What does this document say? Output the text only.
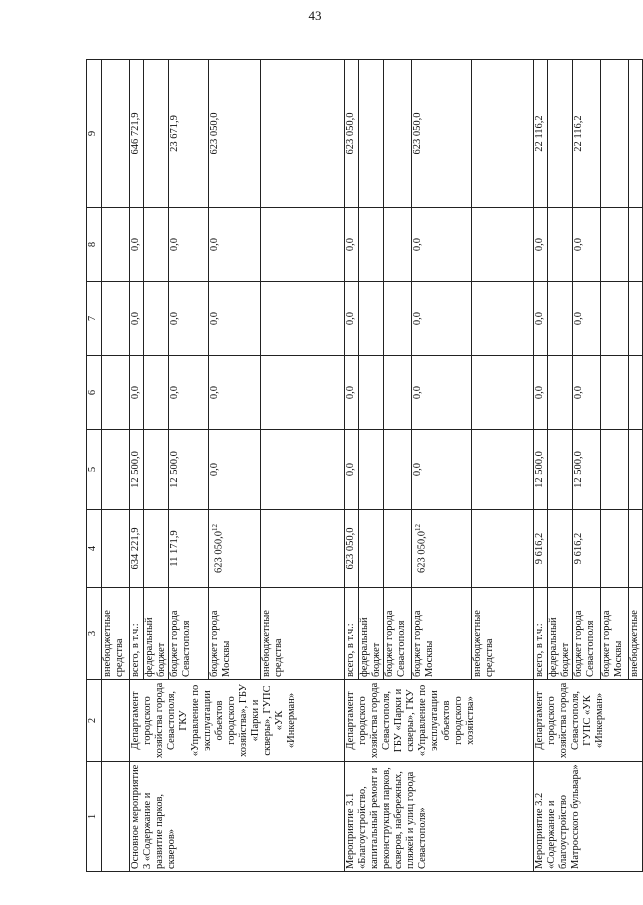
43
1	2	3	4	5	6	7	8	9
		внебюджетные средства						
Основное мероприятие 3 «Содержание и развитие парков, скверов»	Департамент городского хозяйства города Севастополя, ГКУ «Управление по эксплуатации объектов городского хозяйства», ГБУ «Парки и скверы», ГУПС «УК «Инкерман»	всего, в т.ч.:	634 221,9	12 500,0	0,0	0,0	0,0	646 721,9
		федеральный бюджет						
		бюджет города Севастополя	11 171,9	12 500,0	0,0	0,0	0,0	23 671,9
		бюджет города Москвы	623 050,0$^{12}$	0,0	0,0	0,0	0,0	623 050,0
		внебюджетные средства						
Мероприятие 3.1 «Благоустройство, капитальный ремонт и реконструкция парков, скверов, набережных, пляжей и улиц города Севастополя»	Департамент городского хозяйства города Севастополя, ГБУ «Парки и скверы», ГКУ «Управление по эксплуатации объектов городского хозяйства»	всего, в т.ч.:	623 050,0	0,0	0,0	0,0	0,0	623 050,0
		федеральный бюджет						
		бюджет города Севастополя						
		бюджет города Москвы	623 050,0$^{12}$	0,0	0,0	0,0	0,0	623 050,0
		внебюджетные средства						
Мероприятие 3.2 «Содержание и благоустройство Матросского бульвара»	Департамент городского хозяйства города Севастополя, ГУПС «УК «Инкерман»	всего, в т.ч.:	9 616,2	12 500,0	0,0	0,0	0,0	22 116,2
		федеральный бюджет						
		бюджет города Севастополя	9 616,2	12 500,0	0,0	0,0	0,0	22 116,2
		бюджет города Москвы						
		внебюджетные						
